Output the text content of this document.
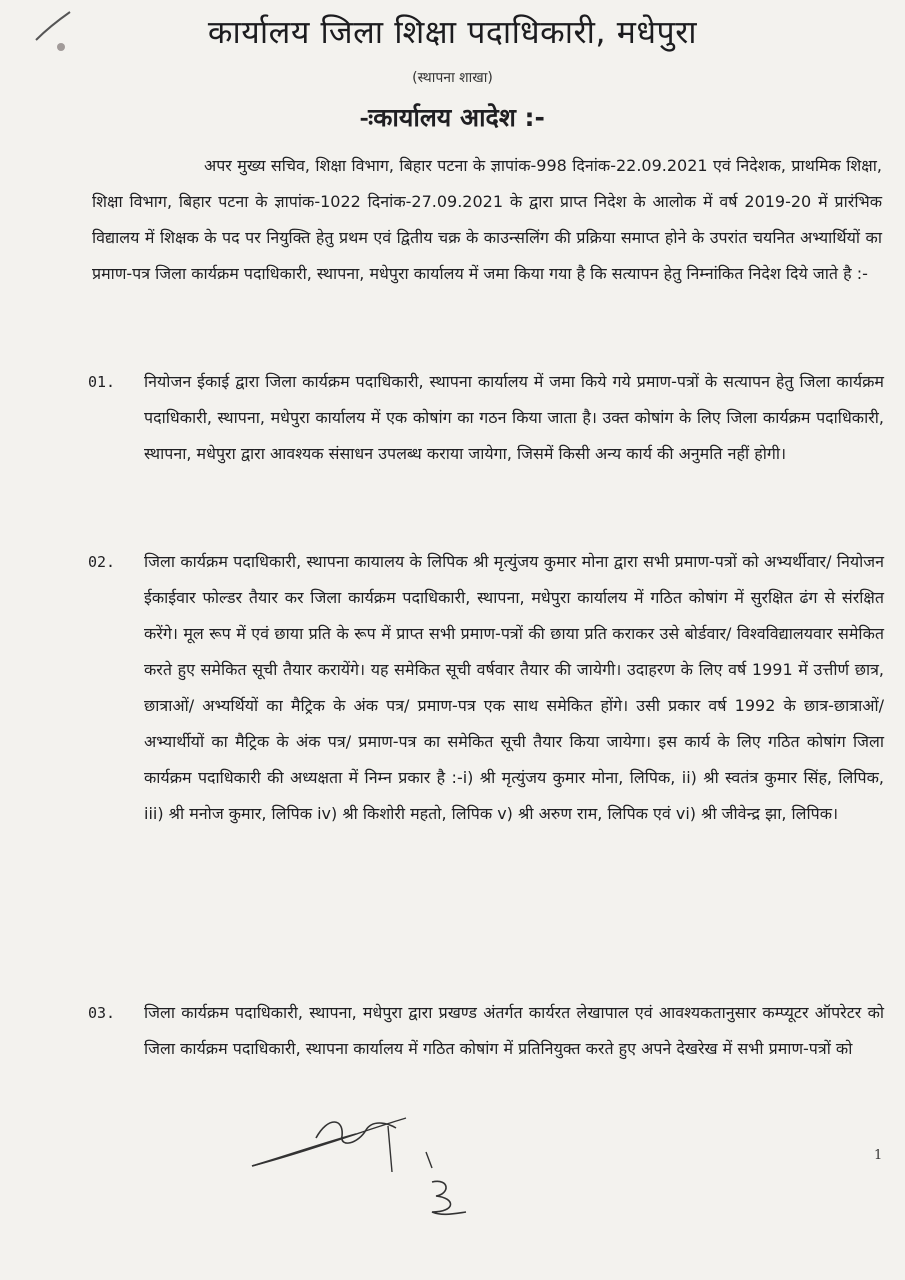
कार्यालय जिला शिक्षा पदाधिकारी, मधेपुरा
(स्थापना शाखा)
-ःकार्यालय आदेश :-

अपर मुख्य सचिव, शिक्षा विभाग, बिहार पटना के ज्ञापांक-998 दिनांक-22.09.2021 एवं निदेशक, प्राथमिक शिक्षा, शिक्षा विभाग, बिहार पटना के ज्ञापांक-1022 दिनांक-27.09.2021 के द्वारा प्राप्त निदेश के आलोक में वर्ष 2019-20 में प्रारंभिक विद्यालय में शिक्षक के पद पर नियुक्ति हेतु प्रथम एवं द्वितीय चक्र के काउन्सलिंग की प्रक्रिया समाप्त होने के उपरांत चयनित अभ्यार्थियों का प्रमाण-पत्र जिला कार्यक्रम पदाधिकारी, स्थापना, मधेपुरा कार्यालय में जमा किया गया है कि सत्यापन हेतु निम्नांकित निदेश दिये जाते है :-

01.	नियोजन ईकाई द्वारा जिला कार्यक्रम पदाधिकारी, स्थापना कार्यालय में जमा किये गये प्रमाण-पत्रों के सत्यापन हेतु जिला कार्यक्रम पदाधिकारी, स्थापना, मधेपुरा कार्यालय में एक कोषांग का गठन किया जाता है। उक्त कोषांग के लिए जिला कार्यक्रम पदाधिकारी, स्थापना, मधेपुरा द्वारा आवश्यक संसाधन उपलब्ध कराया जायेगा, जिसमें किसी अन्य कार्य की अनुमति नहीं होगी।
02.	जिला कार्यक्रम पदाधिकारी, स्थापना कायालय के लिपिक श्री मृत्युंजय कुमार मोना द्वारा सभी प्रमाण-पत्रों को अभ्यर्थीवार/ नियोजन ईकाईवार फोल्डर तैयार कर जिला कार्यक्रम पदाधिकारी, स्थापना, मधेपुरा कार्यालय में गठित कोषांग में सुरक्षित ढंग से संरक्षित करेंगे। मूल रूप में एवं छाया प्रति के रूप में प्राप्त सभी प्रमाण-पत्रों की छाया प्रति कराकर उसे बोर्डवार/ विश्वविद्यालयवार समेकित करते हुए समेकित सूची तैयार करायेंगे। यह समेकित सूची वर्षवार तैयार की जायेगी। उदाहरण के लिए वर्ष 1991 में उत्तीर्ण छात्र, छात्राओं/ अभ्यर्थियों का मैट्रिक के अंक पत्र/ प्रमाण-पत्र एक साथ समेकित होंगे। उसी प्रकार वर्ष 1992 के छात्र-छात्राओं/ अभ्यार्थीयों का मैट्रिक के अंक पत्र/ प्रमाण-पत्र का समेकित सूची तैयार किया जायेगा। इस कार्य के लिए गठित कोषांग जिला कार्यक्रम पदाधिकारी की अध्यक्षता में निम्न प्रकार है :-i) श्री मृत्युंजय कुमार मोना, लिपिक, ii) श्री स्वतंत्र कुमार सिंह, लिपिक, iii) श्री मनोज कुमार, लिपिक iv) श्री किशोरी महतो, लिपिक v) श्री अरुण राम, लिपिक एवं vi) श्री जीवेन्द्र झा, लिपिक।
03.	जिला कार्यक्रम पदाधिकारी, स्थापना, मधेपुरा द्वारा प्रखण्ड अंतर्गत कार्यरत लेखापाल एवं आवश्यकतानुसार कम्प्यूटर ऑपरेटर को जिला कार्यक्रम पदाधिकारी, स्थापना कार्यालय में गठित कोषांग में प्रतिनियुक्त करते हुए अपने देखरेख में सभी प्रमाण-पत्रों को
1
